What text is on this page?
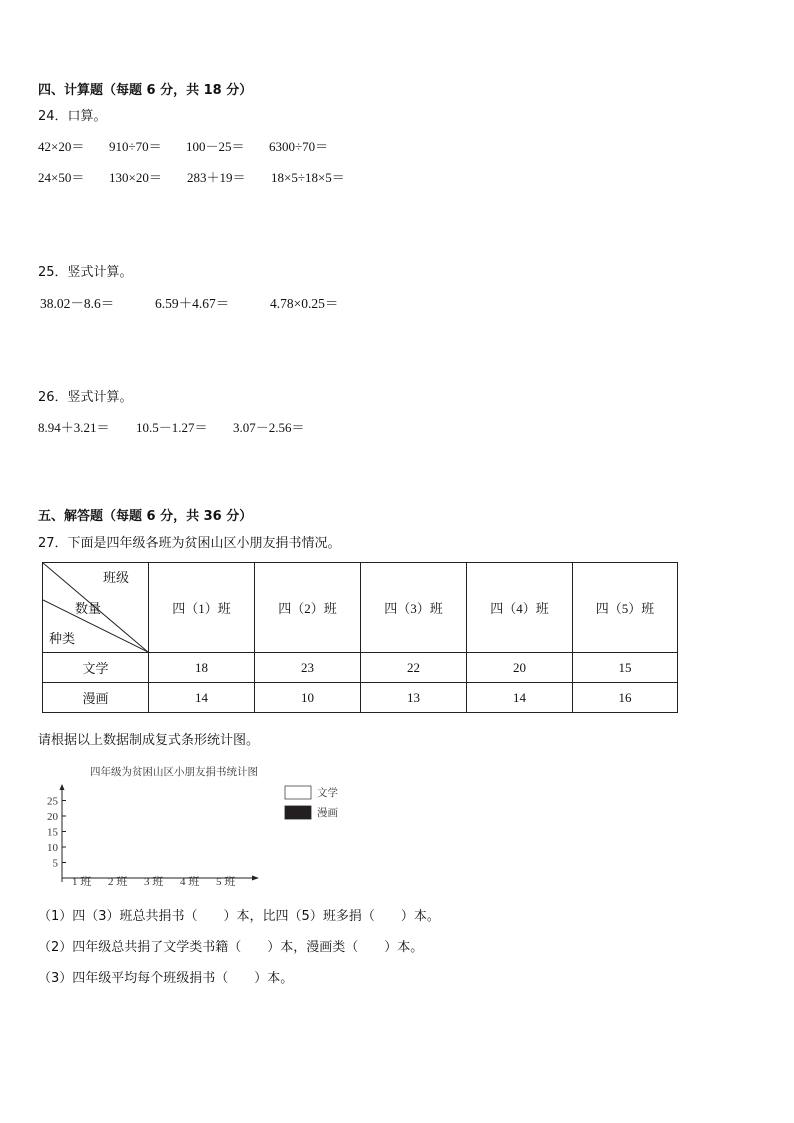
四、计算题（每题 6 分，共 18 分）
24．口算。
42×20＝ 910÷70＝ 100－25＝ 6300÷70＝
24×50＝ 130×20＝ 283＋19＝ 18×5÷18×5＝
25．竖式计算。
38.02－8.6＝	6.59＋4.67＝	4.78×0.25＝
26．竖式计算。
8.94＋3.21＝ 10.5－1.27＝ 3.07－2.56＝
五、解答题（每题 6 分，共 36 分）
27．下面是四年级各班为贫困山区小朋友捐书情况。
班级
数量
种类	四（1）班	四（2）班	四（3）班	四（4）班	四（5）班
文学	18	23	22	20	15
漫画	14	10	13	14	16
请根据以上数据制成复式条形统计图。
四年级为贫困山区小朋友捐书统计图
5
10
15
20
25
1 班 2 班 3 班 4 班 5 班
文学
漫画
（1）四（3）班总共捐书（　　）本，比四（5）班多捐（　　）本。
（2）四年级总共捐了文学类书籍（　　）本，漫画类（　　）本。
（3）四年级平均每个班级捐书（　　）本。
